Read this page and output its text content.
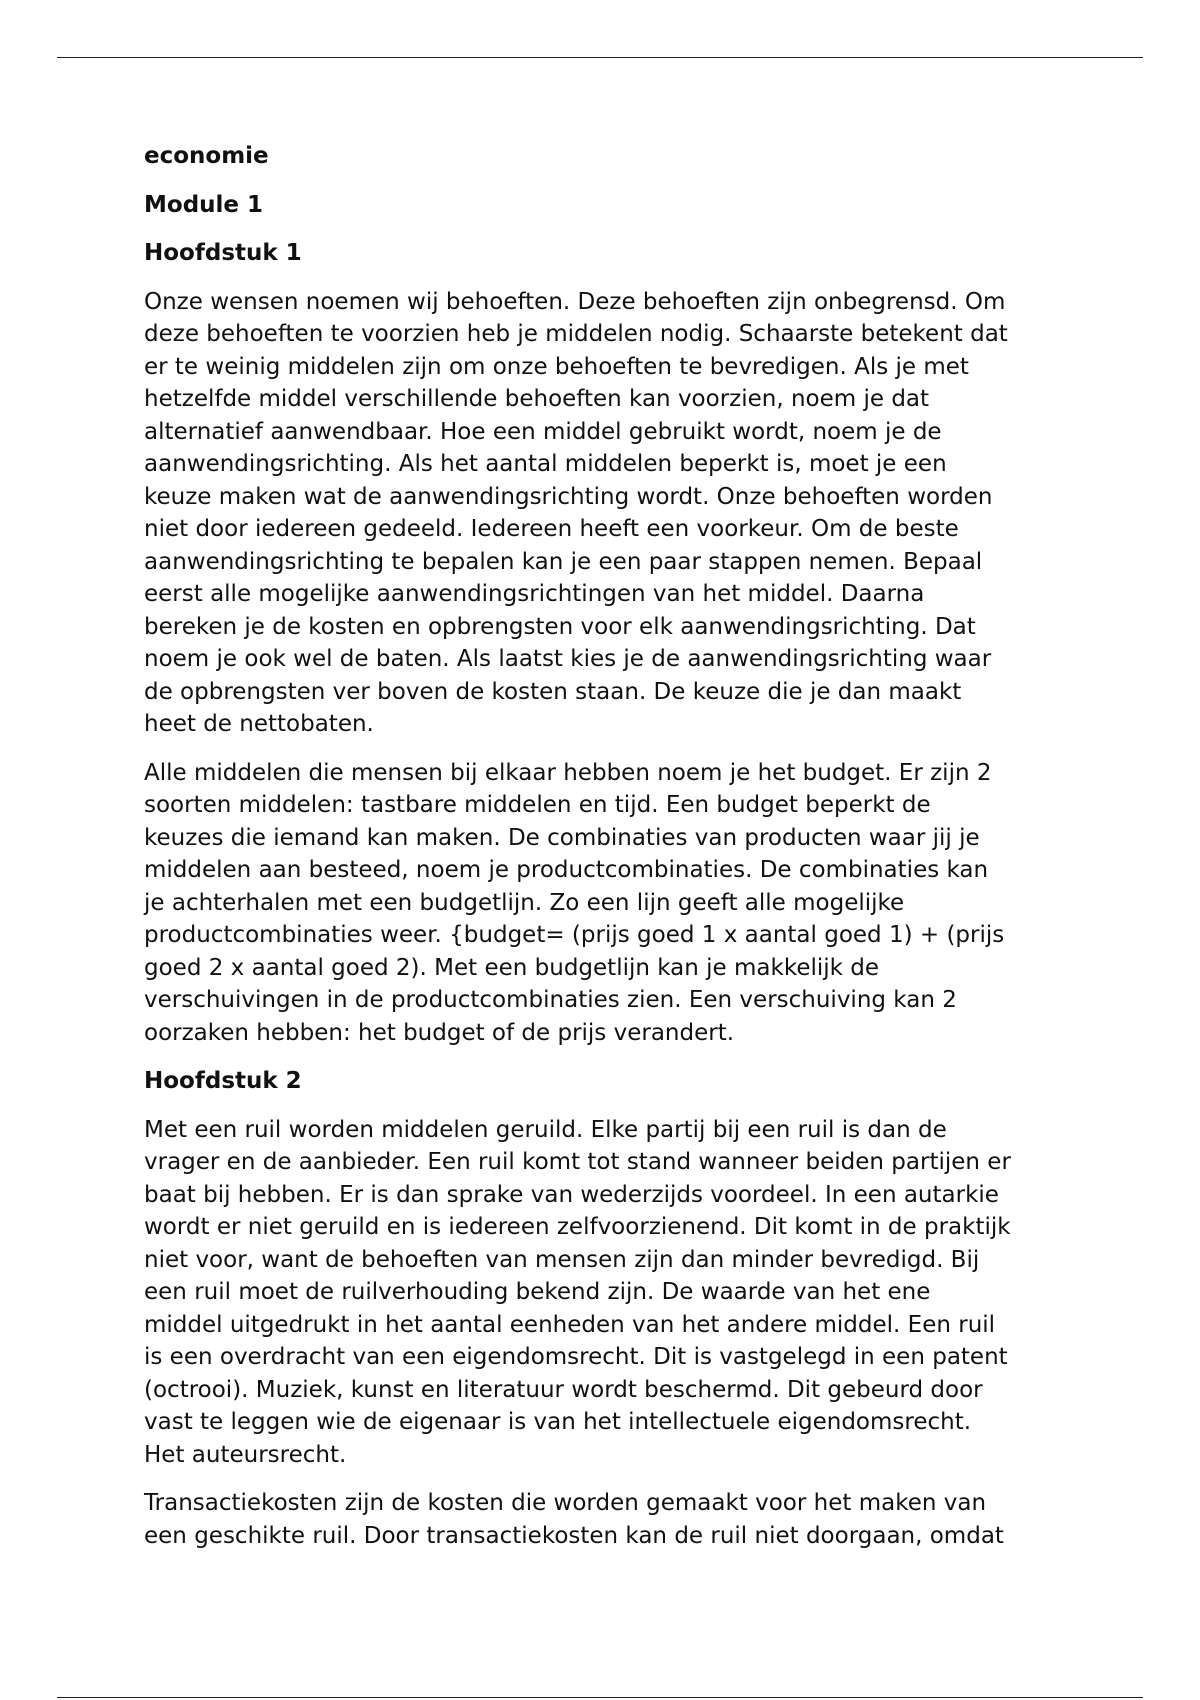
economie
Module 1
Hoofdstuk 1
Onze wensen noemen wij behoeften. Deze behoeften zijn onbegrensd. Om
deze behoeften te voorzien heb je middelen nodig. Schaarste betekent dat
er te weinig middelen zijn om onze behoeften te bevredigen. Als je met
hetzelfde middel verschillende behoeften kan voorzien, noem je dat
alternatief aanwendbaar. Hoe een middel gebruikt wordt, noem je de
aanwendingsrichting. Als het aantal middelen beperkt is, moet je een
keuze maken wat de aanwendingsrichting wordt. Onze behoeften worden
niet door iedereen gedeeld. Iedereen heeft een voorkeur. Om de beste
aanwendingsrichting te bepalen kan je een paar stappen nemen. Bepaal
eerst alle mogelijke aanwendingsrichtingen van het middel. Daarna
bereken je de kosten en opbrengsten voor elk aanwendingsrichting. Dat
noem je ook wel de baten. Als laatst kies je de aanwendingsrichting waar
de opbrengsten ver boven de kosten staan. De keuze die je dan maakt
heet de nettobaten.
Alle middelen die mensen bij elkaar hebben noem je het budget. Er zijn 2
soorten middelen: tastbare middelen en tijd. Een budget beperkt de
keuzes die iemand kan maken. De combinaties van producten waar jij je
middelen aan besteed, noem je productcombinaties. De combinaties kan
je achterhalen met een budgetlijn. Zo een lijn geeft alle mogelijke
productcombinaties weer. {budget= (prijs goed 1 x aantal goed 1) + (prijs
goed 2 x aantal goed 2). Met een budgetlijn kan je makkelijk de
verschuivingen in de productcombinaties zien. Een verschuiving kan 2
oorzaken hebben: het budget of de prijs verandert.
Hoofdstuk 2
Met een ruil worden middelen geruild. Elke partij bij een ruil is dan de
vrager en de aanbieder. Een ruil komt tot stand wanneer beiden partijen er
baat bij hebben. Er is dan sprake van wederzijds voordeel. In een autarkie
wordt er niet geruild en is iedereen zelfvoorzienend. Dit komt in de praktijk
niet voor, want de behoeften van mensen zijn dan minder bevredigd. Bij
een ruil moet de ruilverhouding bekend zijn. De waarde van het ene
middel uitgedrukt in het aantal eenheden van het andere middel. Een ruil
is een overdracht van een eigendomsrecht. Dit is vastgelegd in een patent
(octrooi). Muziek, kunst en literatuur wordt beschermd. Dit gebeurd door
vast te leggen wie de eigenaar is van het intellectuele eigendomsrecht.
Het auteursrecht.
Transactiekosten zijn de kosten die worden gemaakt voor het maken van
een geschikte ruil. Door transactiekosten kan de ruil niet doorgaan, omdat
